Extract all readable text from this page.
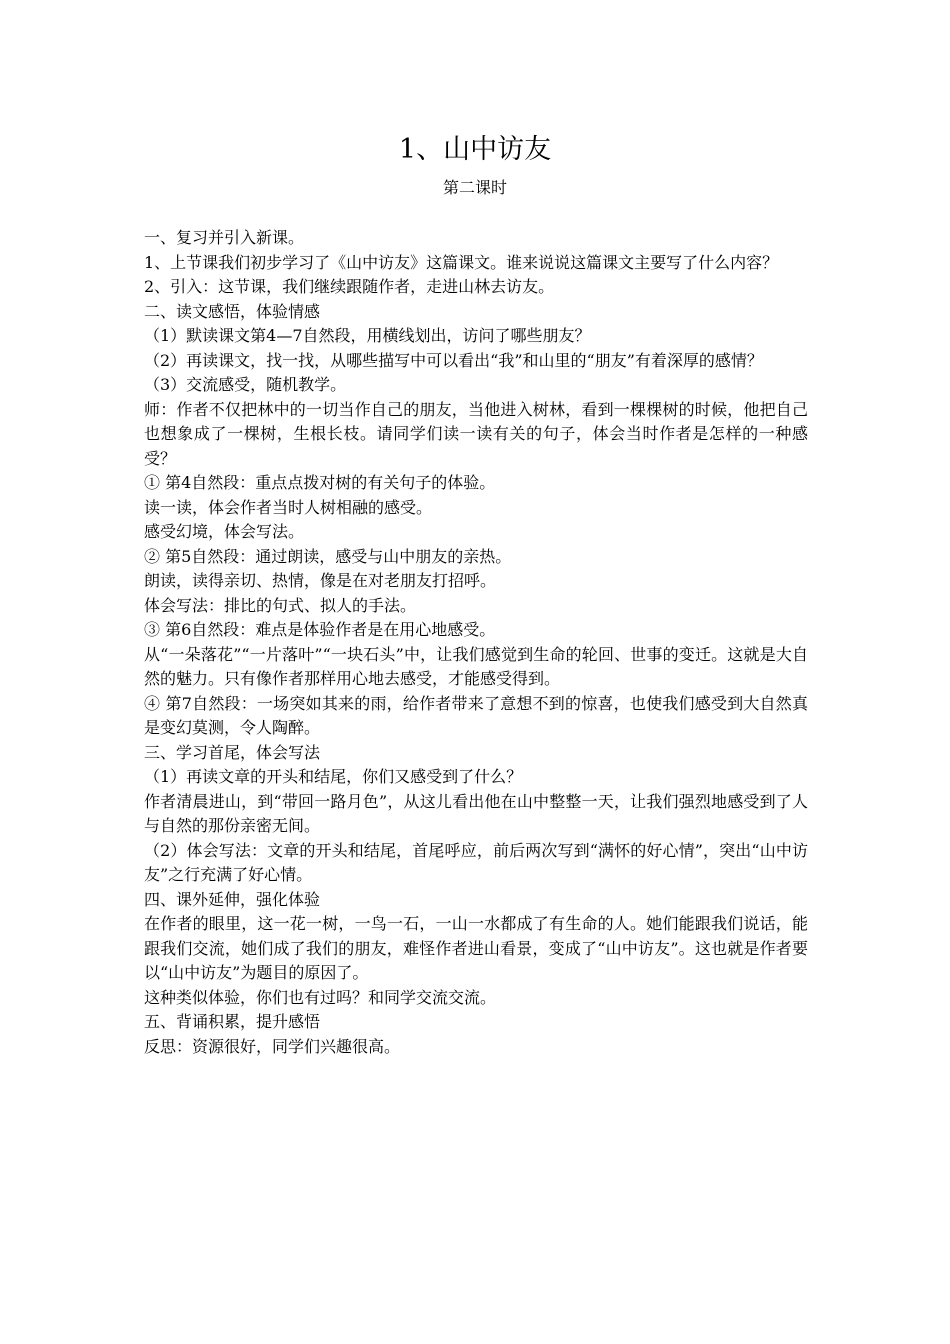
1、山中访友
第二课时

一、复习并引入新课。

1、上节课我们初步学习了《山中访友》这篇课文。谁来说说这篇课文主要写了什么内容？

2、引入：这节课，我们继续跟随作者，走进山林去访友。

二、读文感悟，体验情感

（1）默读课文第4—7自然段，用横线划出，访问了哪些朋友？

（2）再读课文，找一找，从哪些描写中可以看出“我”和山里的“朋友”有着深厚的感情？

（3）交流感受，随机教学。

师：作者不仅把林中的一切当作自己的朋友，当他进入树林，看到一棵棵树的时候，他把自己也想象成了一棵树，生根长枝。请同学们读一读有关的句子，体会当时作者是怎样的一种感受？

① 第4自然段：重点点拨对树的有关句子的体验。

读一读，体会作者当时人树相融的感受。

感受幻境，体会写法。

② 第5自然段：通过朗读，感受与山中朋友的亲热。

朗读，读得亲切、热情，像是在对老朋友打招呼。

体会写法：排比的句式、拟人的手法。

③ 第6自然段：难点是体验作者是在用心地感受。

从“一朵落花”“一片落叶”“一块石头”中，让我们感觉到生命的轮回、世事的变迁。这就是大自然的魅力。只有像作者那样用心地去感受，才能感受得到。

④ 第7自然段：一场突如其来的雨，给作者带来了意想不到的惊喜，也使我们感受到大自然真是变幻莫测，令人陶醉。

三、学习首尾，体会写法

（1）再读文章的开头和结尾，你们又感受到了什么？

作者清晨进山，到“带回一路月色”，从这儿看出他在山中整整一天，让我们强烈地感受到了人与自然的那份亲密无间。

（2）体会写法：文章的开头和结尾，首尾呼应，前后两次写到“满怀的好心情”，突出“山中访友”之行充满了好心情。

四、课外延伸，强化体验

在作者的眼里，这一花一树，一鸟一石，一山一水都成了有生命的人。她们能跟我们说话，能跟我们交流，她们成了我们的朋友，难怪作者进山看景，变成了“山中访友”。这也就是作者要以“山中访友”为题目的原因了。

这种类似体验，你们也有过吗？和同学交流交流。

五、背诵积累，提升感悟

反思：资源很好，同学们兴趣很高。
